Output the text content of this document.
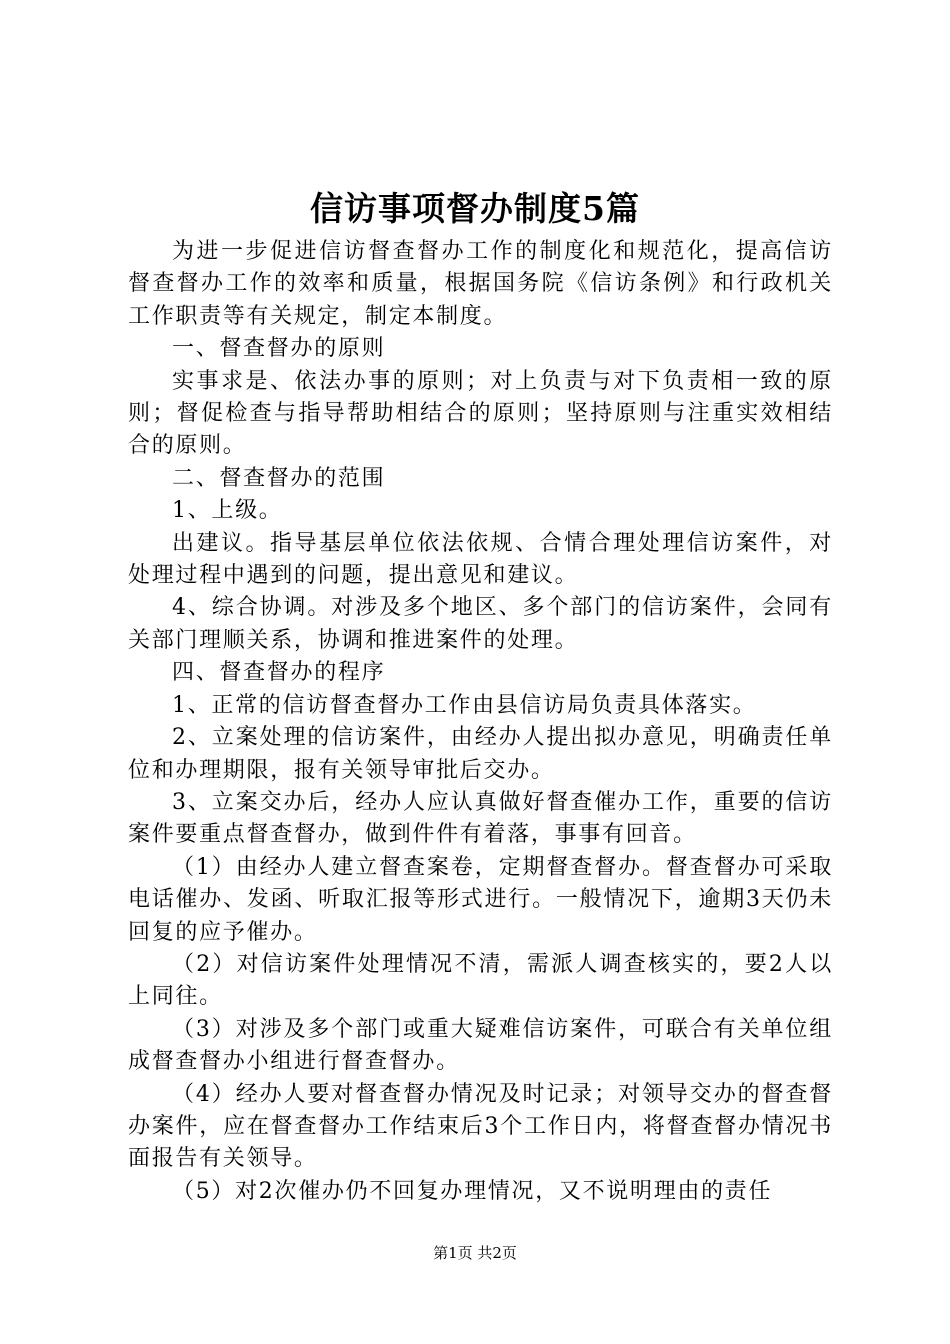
信访事项督办制度5篇

为进一步促进信访督查督办工作的制度化和规范化，提高信访督查督办工作的效率和质量，根据国务院《信访条例》和行政机关工作职责等有关规定，制定本制度。

一、督查督办的原则

实事求是、依法办事的原则；对上负责与对下负责相一致的原则；督促检查与指导帮助相结合的原则；坚持原则与注重实效相结合的原则。

二、督查督办的范围

1、上级。

出建议。指导基层单位依法依规、合情合理处理信访案件，对处理过程中遇到的问题，提出意见和建议。

4、综合协调。对涉及多个地区、多个部门的信访案件，会同有关部门理顺关系，协调和推进案件的处理。

四、督查督办的程序

1、正常的信访督查督办工作由县信访局负责具体落实。

2、立案处理的信访案件，由经办人提出拟办意见，明确责任单位和办理期限，报有关领导审批后交办。

3、立案交办后，经办人应认真做好督查催办工作，重要的信访案件要重点督查督办，做到件件有着落，事事有回音。

（1）由经办人建立督查案卷，定期督查督办。督查督办可采取电话催办、发函、听取汇报等形式进行。一般情况下，逾期3天仍未回复的应予催办。

（2）对信访案件处理情况不清，需派人调查核实的，要2人以上同往。

（3）对涉及多个部门或重大疑难信访案件，可联合有关单位组成督查督办小组进行督查督办。

（4）经办人要对督查督办情况及时记录；对领导交办的督查督办案件，应在督查督办工作结束后3个工作日内，将督查督办情况书面报告有关领导。

（5）对2次催办仍不回复办理情况，又不说明理由的责任

第1页 共2页
